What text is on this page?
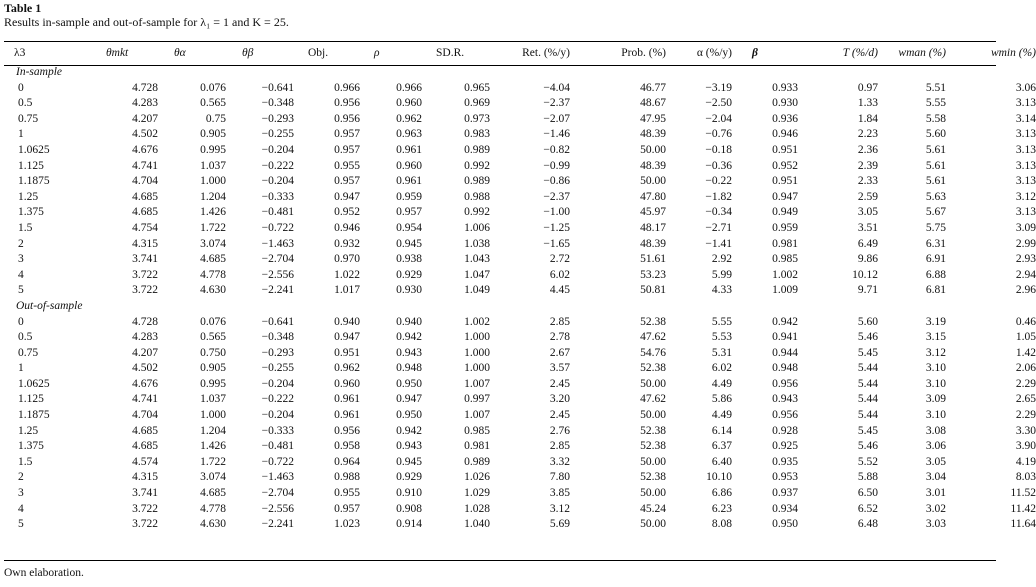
Table 1
Results in-sample and out-of-sample for λ₁ = 1 and K = 25.
λ3	θmkt	θα	θβ	Obj.	ρ	SD.R.	Ret. (%/y)	Prob. (%)	α (%/y)	β	T (%/d)	wman (%)	wmin (%)
In-sample													
0	4.728	0.076	−0.641	0.966	0.966	0.965	−4.04	46.77	−3.19	0.933	0.97	5.51	3.06
0.5	4.283	0.565	−0.348	0.956	0.960	0.969	−2.37	48.67	−2.50	0.930	1.33	5.55	3.13
0.75	4.207	0.75	−0.293	0.956	0.962	0.973	−2.07	47.95	−2.04	0.936	1.84	5.58	3.14
1	4.502	0.905	−0.255	0.957	0.963	0.983	−1.46	48.39	−0.76	0.946	2.23	5.60	3.13
1.0625	4.676	0.995	−0.204	0.957	0.961	0.989	−0.82	50.00	−0.18	0.951	2.36	5.61	3.13
1.125	4.741	1.037	−0.222	0.955	0.960	0.992	−0.99	48.39	−0.36	0.952	2.39	5.61	3.13
1.1875	4.704	1.000	−0.204	0.957	0.961	0.989	−0.86	50.00	−0.22	0.951	2.33	5.61	3.13
1.25	4.685	1.204	−0.333	0.947	0.959	0.988	−2.37	47.80	−1.82	0.947	2.59	5.63	3.12
1.375	4.685	1.426	−0.481	0.952	0.957	0.992	−1.00	45.97	−0.34	0.949	3.05	5.67	3.13
1.5	4.754	1.722	−0.722	0.946	0.954	1.006	−1.25	48.17	−2.71	0.959	3.51	5.75	3.09
2	4.315	3.074	−1.463	0.932	0.945	1.038	−1.65	48.39	−1.41	0.981	6.49	6.31	2.99
3	3.741	4.685	−2.704	0.970	0.938	1.043	2.72	51.61	2.92	0.985	9.86	6.91	2.93
4	3.722	4.778	−2.556	1.022	0.929	1.047	6.02	53.23	5.99	1.002	10.12	6.88	2.94
5	3.722	4.630	−2.241	1.017	0.930	1.049	4.45	50.81	4.33	1.009	9.71	6.81	2.96
Out-of-sample													
0	4.728	0.076	−0.641	0.940	0.940	1.002	2.85	52.38	5.55	0.942	5.60	3.19	0.46
0.5	4.283	0.565	−0.348	0.947	0.942	1.000	2.78	47.62	5.53	0.941	5.46	3.15	1.05
0.75	4.207	0.750	−0.293	0.951	0.943	1.000	2.67	54.76	5.31	0.944	5.45	3.12	1.42
1	4.502	0.905	−0.255	0.962	0.948	1.000	3.57	52.38	6.02	0.948	5.44	3.10	2.06
1.0625	4.676	0.995	−0.204	0.960	0.950	1.007	2.45	50.00	4.49	0.956	5.44	3.10	2.29
1.125	4.741	1.037	−0.222	0.961	0.947	0.997	3.20	47.62	5.86	0.943	5.44	3.09	2.65
1.1875	4.704	1.000	−0.204	0.961	0.950	1.007	2.45	50.00	4.49	0.956	5.44	3.10	2.29
1.25	4.685	1.204	−0.333	0.956	0.942	0.985	2.76	52.38	6.14	0.928	5.45	3.08	3.30
1.375	4.685	1.426	−0.481	0.958	0.943	0.981	2.85	52.38	6.37	0.925	5.46	3.06	3.90
1.5	4.574	1.722	−0.722	0.964	0.945	0.989	3.32	50.00	6.40	0.935	5.52	3.05	4.19
2	4.315	3.074	−1.463	0.988	0.929	1.026	7.80	52.38	10.10	0.953	5.88	3.04	8.03
3	3.741	4.685	−2.704	0.955	0.910	1.029	3.85	50.00	6.86	0.937	6.50	3.01	11.52
4	3.722	4.778	−2.556	0.957	0.908	1.028	3.12	45.24	6.23	0.934	6.52	3.02	11.42
5	3.722	4.630	−2.241	1.023	0.914	1.040	5.69	50.00	8.08	0.950	6.48	3.03	11.64
Own elaboration.
